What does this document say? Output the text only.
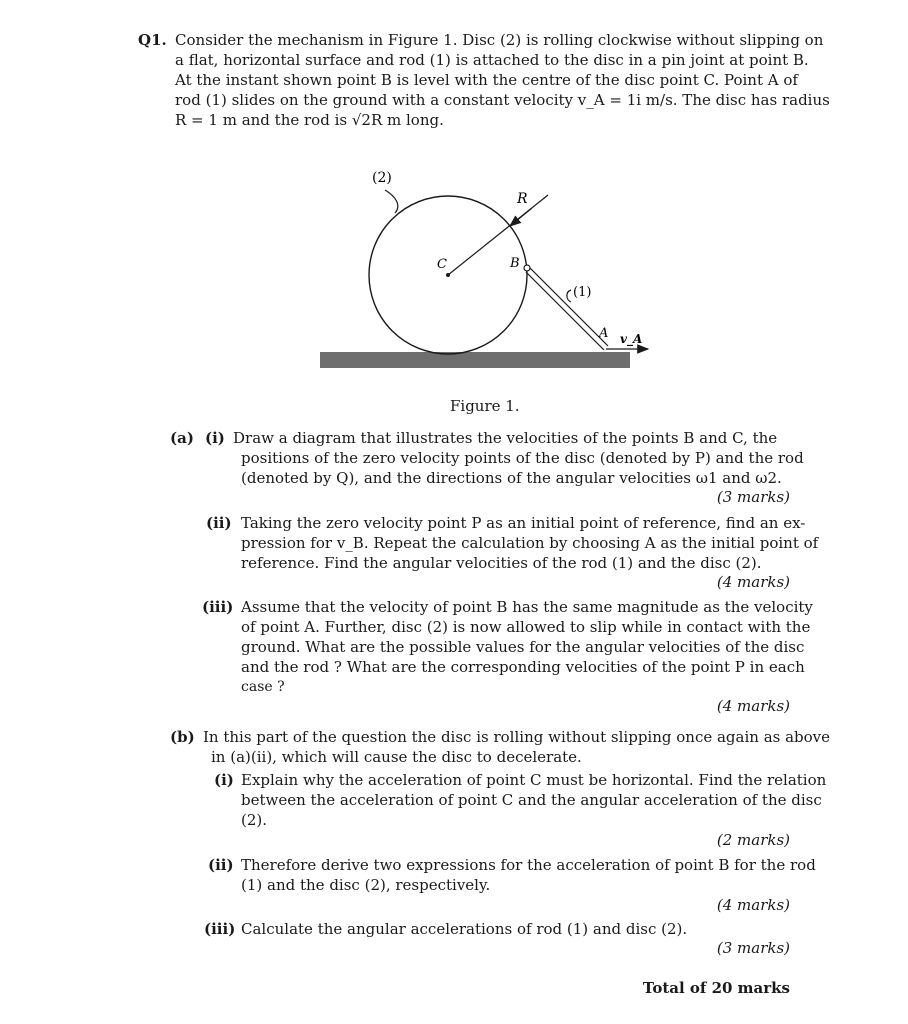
Q1. Consider the mechanism in Figure 1. Disc (2) is rolling clockwise without slipping on
a flat, horizontal surface and rod (1) is attached to the disc in a pin joint at point B.
At the instant shown point B is level with the centre of the disc point C. Point A of
rod (1) slides on the ground with a constant velocity v_A = 1i m/s. The disc has radius
R = 1 m and the rod is √2R m long.
(2)
R
C	B
(1)
A v_A
Figure 1.
(a) (i) Draw a diagram that illustrates the velocities of the points B and C, the
positions of the zero velocity points of the disc (denoted by P) and the rod
(denoted by Q), and the directions of the angular velocities ω1 and ω2.
(3 marks)
(ii) Taking the zero velocity point P as an initial point of reference, find an ex-
pression for v_B. Repeat the calculation by choosing A as the initial point of
reference. Find the angular velocities of the rod (1) and the disc (2).
(4 marks)
(iii) Assume that the velocity of point B has the same magnitude as the velocity
of point A. Further, disc (2) is now allowed to slip while in contact with the
ground. What are the possible values for the angular velocities of the disc
and the rod ? What are the corresponding velocities of the point P in each
case ?
(4 marks)
(b) In this part of the question the disc is rolling without slipping once again as above
in (a)(ii), which will cause the disc to decelerate.
(i) Explain why the acceleration of point C must be horizontal. Find the relation
between the acceleration of point C and the angular acceleration of the disc
(2).
(2 marks)
(ii) Therefore derive two expressions for the acceleration of point B for the rod
(1) and the disc (2), respectively.
(4 marks)
(iii) Calculate the angular accelerations of rod (1) and disc (2).
(3 marks)
Total of 20 marks
